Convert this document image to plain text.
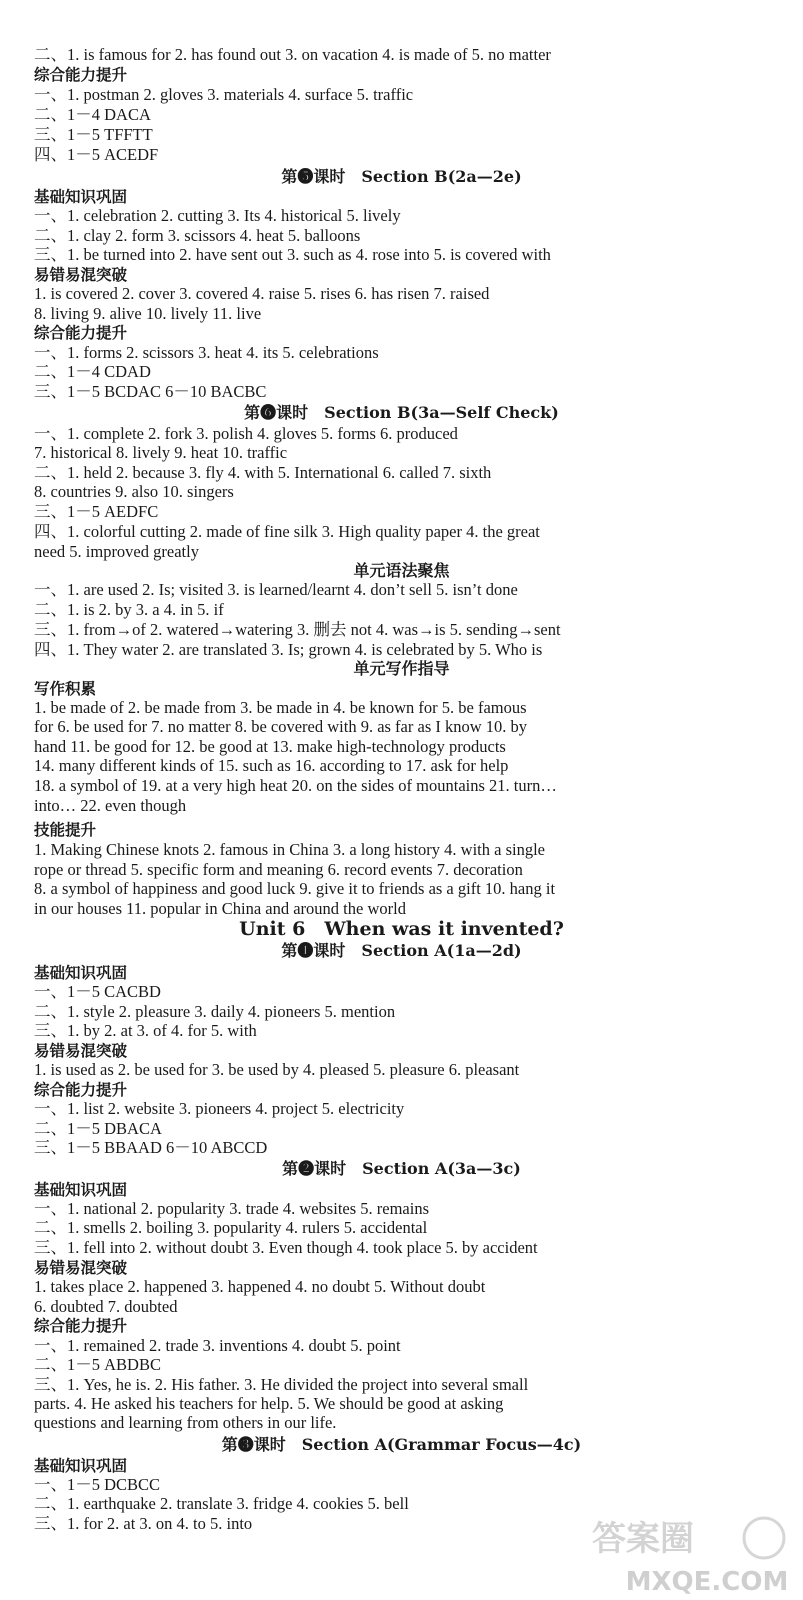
二、1. is famous for 2. has found out 3. on vacation 4. is made of 5. no matter
综合能力提升
一、1. postman 2. gloves 3. materials 4. surface 5. traffic
二、1－4 DACA
三、1－5 TFFTT
四、1－5 ACEDF
第❺课时　Section B(2a—2e)
基础知识巩固
一、1. celebration 2. cutting 3. Its 4. historical 5. lively
二、1. clay 2. form 3. scissors 4. heat 5. balloons
三、1. be turned into 2. have sent out 3. such as 4. rose into 5. is covered with
易错易混突破
1. is covered 2. cover 3. covered 4. raise 5. rises 6. has risen 7. raised
8. living 9. alive 10. lively 11. live
综合能力提升
一、1. forms 2. scissors 3. heat 4. its 5. celebrations
二、1－4 CDAD
三、1－5 BCDAC 6－10 BACBC
第❻课时　Section B(3a—Self Check)
一、1. complete 2. fork 3. polish 4. gloves 5. forms 6. produced
7. historical 8. lively 9. heat 10. traffic
二、1. held 2. because 3. fly 4. with 5. International 6. called 7. sixth
8. countries 9. also 10. singers
三、1－5 AEDFC
四、1. colorful cutting 2. made of fine silk 3. High quality paper 4. the great
need 5. improved greatly
单元语法聚焦
一、1. are used 2. Is; visited 3. is learned/learnt 4. don’t sell 5. isn’t done
二、1. is 2. by 3. a 4. in 5. if
三、1. from→of 2. watered→watering 3. 删去 not 4. was→is 5. sending→sent
四、1. They water 2. are translated 3. Is; grown 4. is celebrated by 5. Who is
单元写作指导
写作积累
1. be made of 2. be made from 3. be made in 4. be known for 5. be famous
for 6. be used for 7. no matter 8. be covered with 9. as far as I know 10. by
hand 11. be good for 12. be good at 13. make high-technology products
14. many different kinds of 15. such as 16. according to 17. ask for help
18. a symbol of 19. at a very high heat 20. on the sides of mountains 21. turn…
into… 22. even though
技能提升
1. Making Chinese knots 2. famous in China 3. a long history 4. with a single
rope or thread 5. specific form and meaning 6. record events 7. decoration
8. a symbol of happiness and good luck 9. give it to friends as a gift 10. hang it
in our houses 11. popular in China and around the world
Unit 6　When was it invented?
第❶课时　Section A(1a—2d)
基础知识巩固
一、1－5 CACBD
二、1. style 2. pleasure 3. daily 4. pioneers 5. mention
三、1. by 2. at 3. of 4. for 5. with
易错易混突破
1. is used as 2. be used for 3. be used by 4. pleased 5. pleasure 6. pleasant
综合能力提升
一、1. list 2. website 3. pioneers 4. project 5. electricity
二、1－5 DBACA
三、1－5 BBAAD 6－10 ABCCD
第❷课时　Section A(3a—3c)
基础知识巩固
一、1. national 2. popularity 3. trade 4. websites 5. remains
二、1. smells 2. boiling 3. popularity 4. rulers 5. accidental
三、1. fell into 2. without doubt 3. Even though 4. took place 5. by accident
易错易混突破
1. takes place 2. happened 3. happened 4. no doubt 5. Without doubt
6. doubted 7. doubted
综合能力提升
一、1. remained 2. trade 3. inventions 4. doubt 5. point
二、1－5 ABDBC
三、1. Yes, he is. 2. His father. 3. He divided the project into several small
parts. 4. He asked his teachers for help. 5. We should be good at asking
questions and learning from others in our life.
第❸课时　Section A(Grammar Focus—4c)
基础知识巩固
一、1－5 DCBCC
二、1. earthquake 2. translate 3. fridge 4. cookies 5. bell
三、1. for 2. at 3. on 4. to 5. into	答案圈
MXQE.COM
